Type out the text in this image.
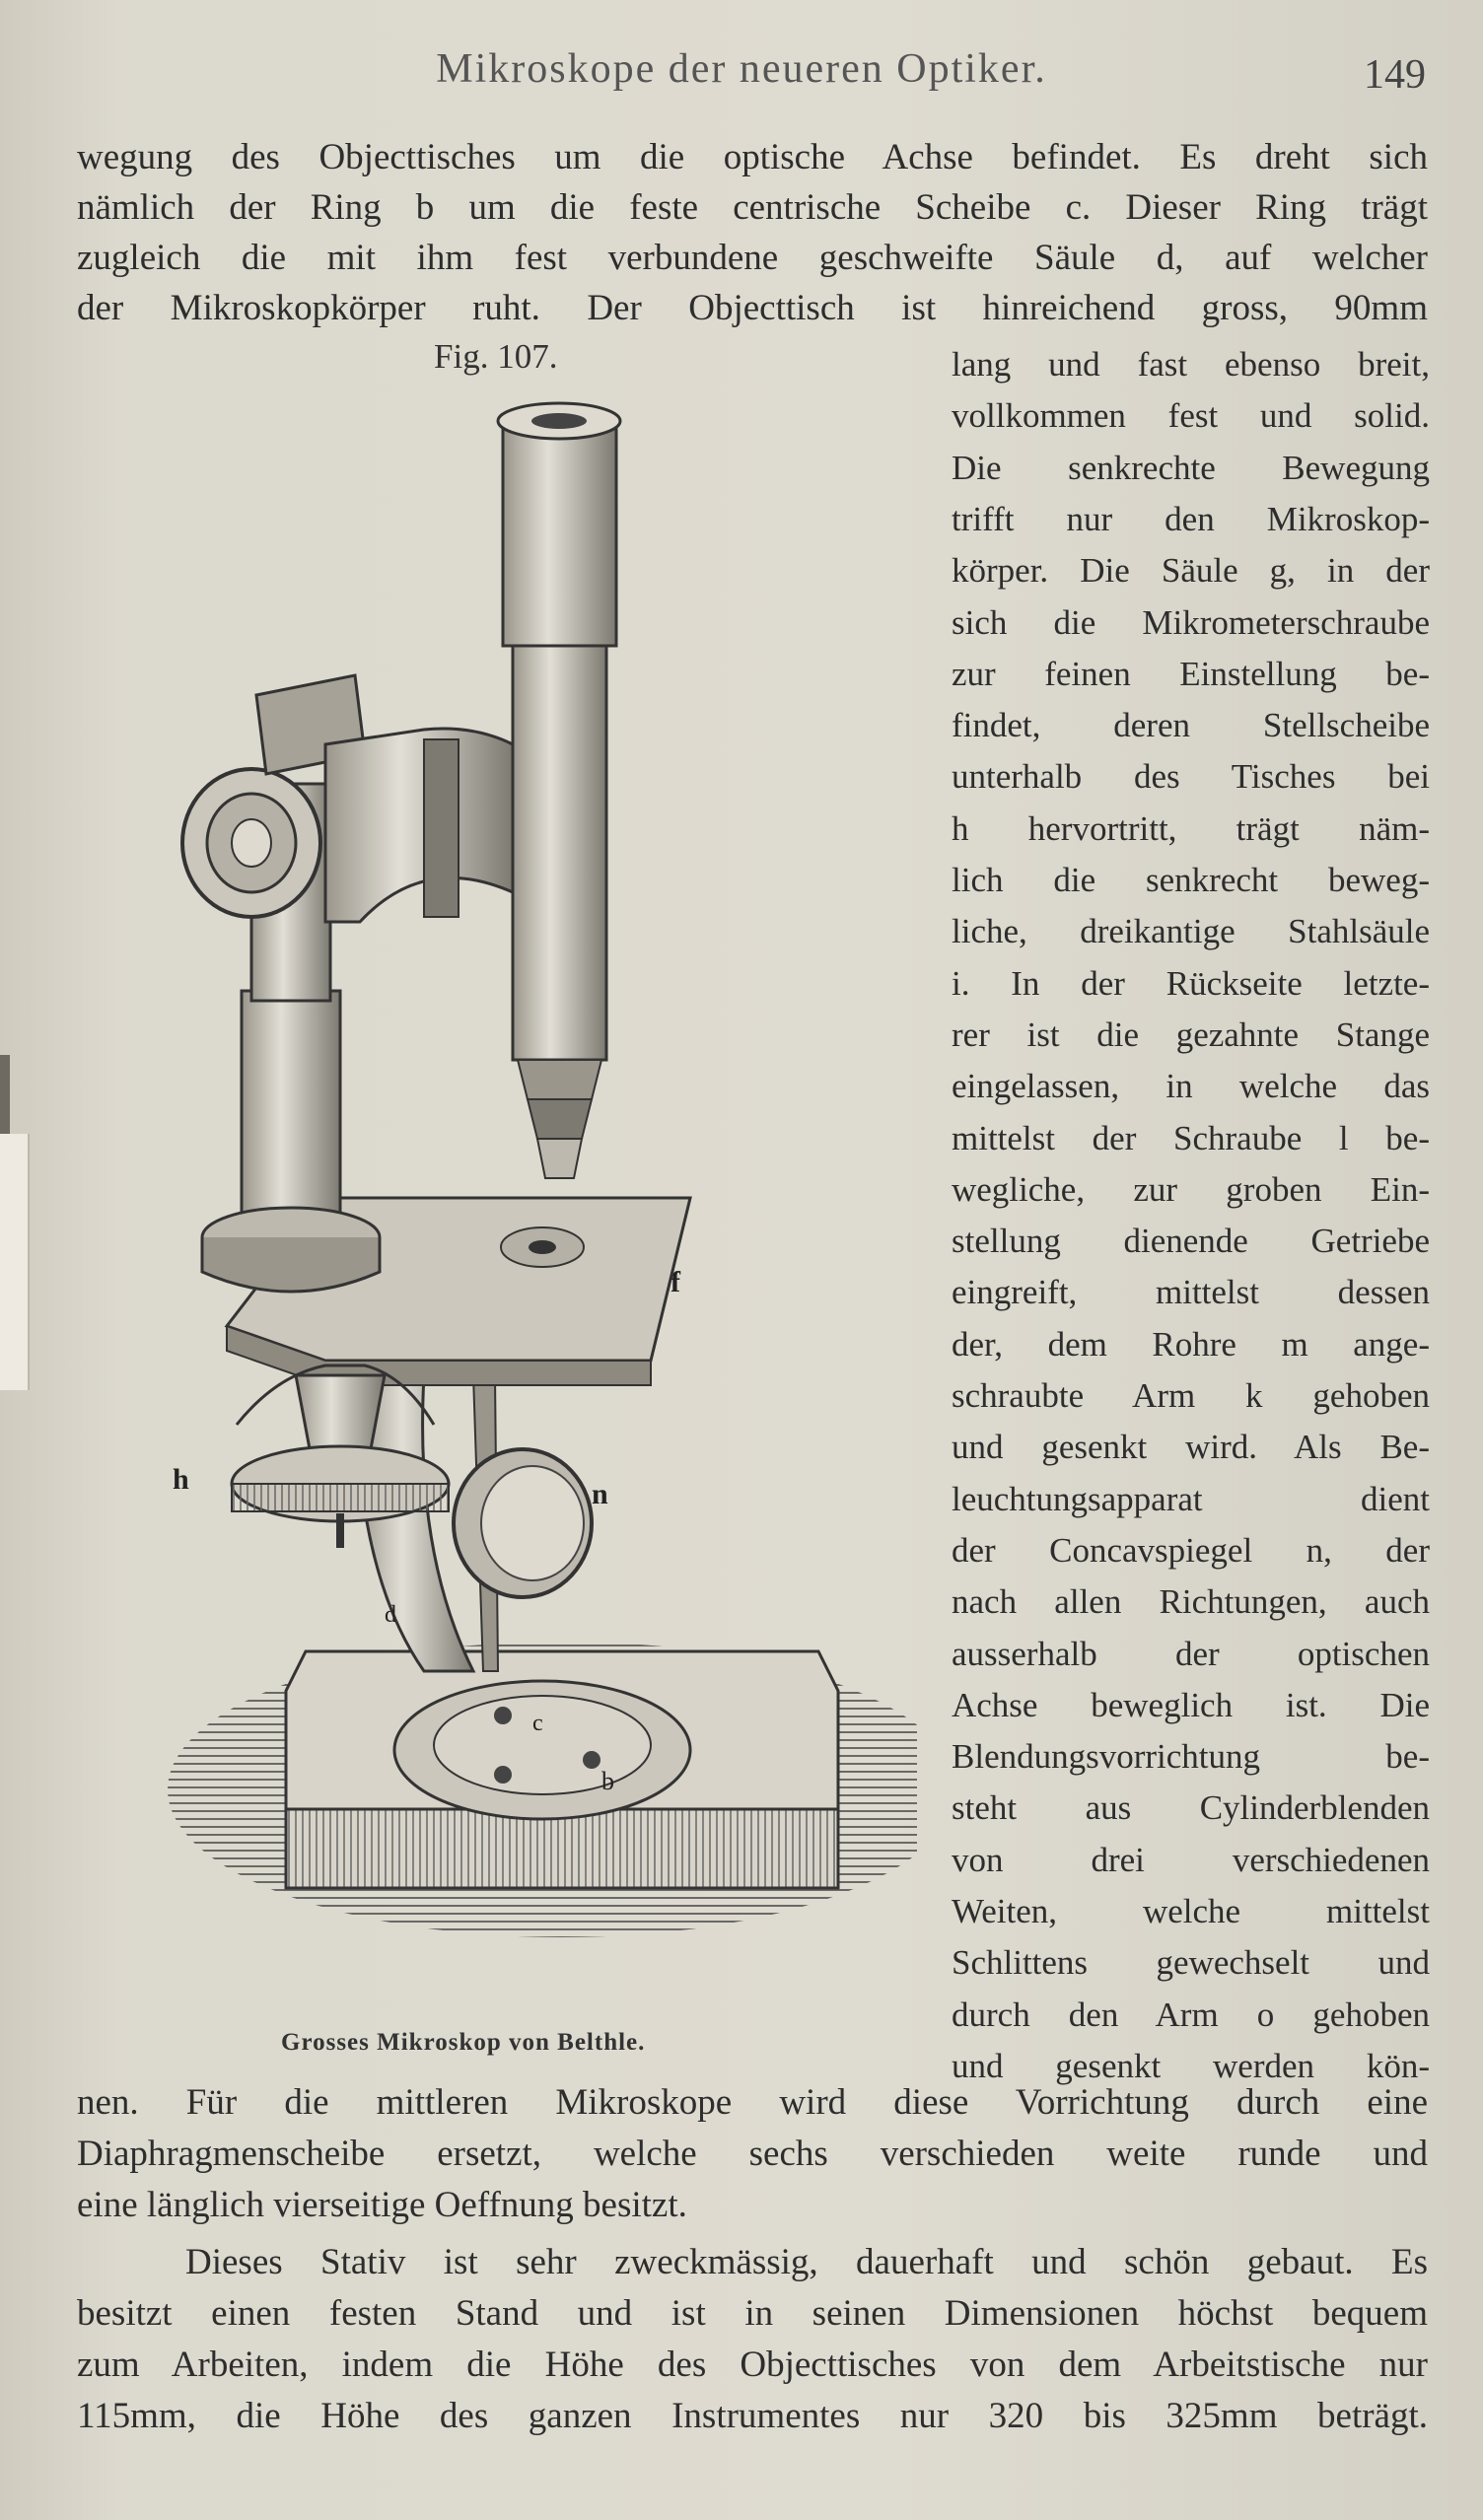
Mikroskope der neueren Optiker.	149
wegung des Objecttisches um die optische Achse befindet. Es dreht sich
nämlich der Ring b um die feste centrische Scheibe c. Dieser Ring trägt
zugleich die mit ihm fest verbundene geschweifte Säule d, auf welcher
der Mikroskopkörper ruht. Der Objecttisch ist hinreichend gross, 90mm
Fig. 107.	lang und fast ebenso breit,
vollkommen fest und solid.
Die senkrechte Bewegung
trifft nur den Mikroskop-
körper. Die Säule g, in der
sich die Mikrometerschraube
zur feinen Einstellung be-
findet, deren Stellscheibe
unterhalb des Tisches bei
h hervortritt, trägt näm-
lich die senkrecht beweg-
liche, dreikantige Stahlsäule
i. In der Rückseite letzte-
rer ist die gezahnte Stange
eingelassen, in welche das
mittelst der Schraube l be-
wegliche, zur groben Ein-
stellung dienende Getriebe
eingreift, mittelst dessen
der, dem Rohre m ange-
schraubte Arm k gehoben
und gesenkt wird. Als Be-
leuchtungsapparat dient
der Concavspiegel n, der
nach allen Richtungen, auch
ausserhalb der optischen
Achse beweglich ist. Die
Blendungsvorrichtung be-
steht aus Cylinderblenden
von drei verschiedenen
Weiten, welche mittelst
Schlittens gewechselt und
durch den Arm o gehoben
und gesenkt werden kön-
f
h	n
c
b
d
Grosses Mikroskop von Belthle.
nen. Für die mittleren Mikroskope wird diese Vorrichtung durch eine
Diaphragmenscheibe ersetzt, welche sechs verschieden weite runde und
eine länglich vierseitige Oeffnung besitzt.
Dieses Stativ ist sehr zweckmässig, dauerhaft und schön gebaut. Es
besitzt einen festen Stand und ist in seinen Dimensionen höchst bequem
zum Arbeiten, indem die Höhe des Objecttisches von dem Arbeitstische nur
115mm, die Höhe des ganzen Instrumentes nur 320 bis 325mm beträgt.
